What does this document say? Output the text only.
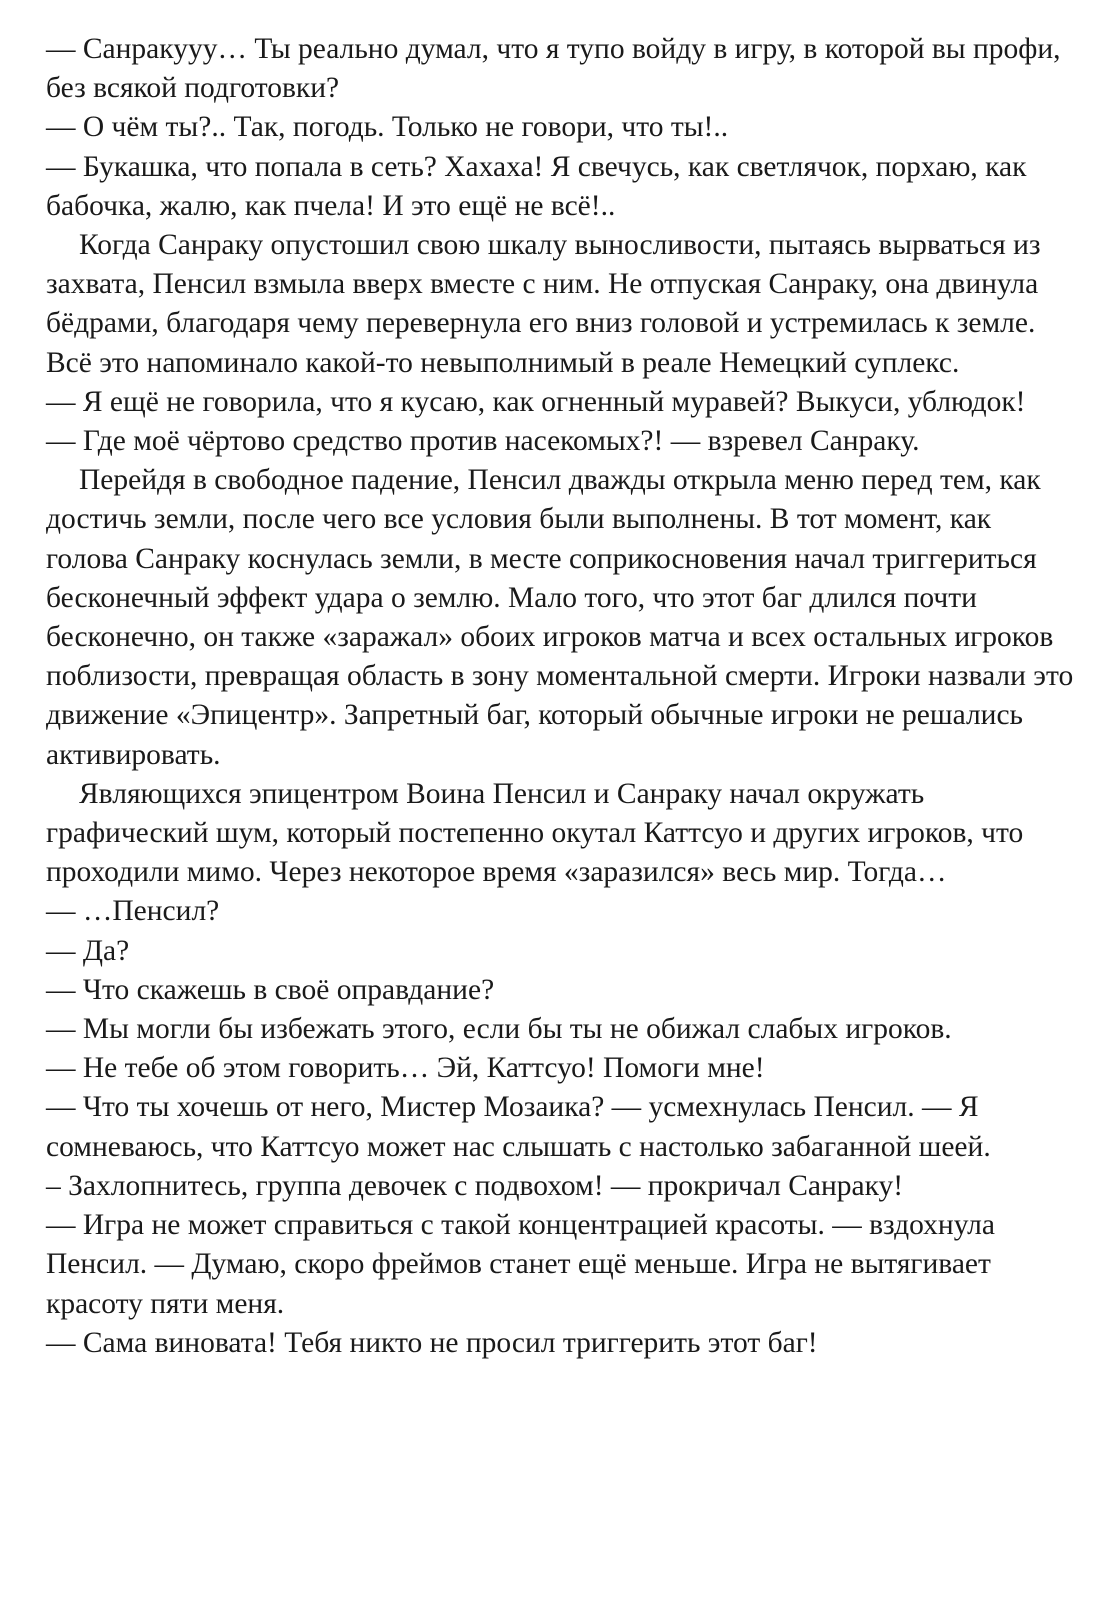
— Санракууу… Ты реально думал, что я тупо войду в игру, в которой вы профи, без всякой подготовки?

— О чём ты?.. Так, погодь. Только не говори, что ты!..

— Букашка, что попала в сеть? Хахаха! Я свечусь, как светлячок, порхаю, как бабочка, жалю, как пчела! И это ещё не всё!..

Когда Санраку опустошил свою шкалу выносливости, пытаясь вырваться из захвата, Пенсил взмыла вверх вместе с ним. Не отпуская Санраку, она двинула бёдрами, благодаря чему перевернула его вниз головой и устремилась к земле. Всё это напоминало какой-то невыполнимый в реале Немецкий суплекс.

— Я ещё не говорила, что я кусаю, как огненный муравей? Выкуси, ублюдок!

— Где моё чёртово средство против насекомых?! — взревел Санраку.

Перейдя в свободное падение, Пенсил дважды открыла меню перед тем, как достичь земли, после чего все условия были выполнены. В тот момент, как голова Санраку коснулась земли, в месте соприкосновения начал триггериться бесконечный эффект удара о землю. Мало того, что этот баг длился почти бесконечно, он также «заражал» обоих игроков матча и всех остальных игроков поблизости, превращая область в зону моментальной смерти. Игроки назвали это движение «Эпицентр». Запретный баг, который обычные игроки не решались активировать.

Являющихся эпицентром Воина Пенсил и Санраку начал окружать графический шум, который постепенно окутал Каттсуо и других игроков, что проходили мимо. Через некоторое время «заразился» весь мир. Тогда…

— …Пенсил?

— Да?

— Что скажешь в своё оправдание?

— Мы могли бы избежать этого, если бы ты не обижал слабых игроков.

— Не тебе об этом говорить… Эй, Каттсуо! Помоги мне!

— Что ты хочешь от него, Мистер Мозаика? — усмехнулась Пенсил. — Я сомневаюсь, что Каттсуо может нас слышать с настолько забаганной шеей.

– Захлопнитесь, группа девочек с подвохом! — прокричал Санраку!

— Игра не может справиться с такой концентрацией красоты. — вздохнула Пенсил. — Думаю, скоро фреймов станет ещё меньше. Игра не вытягивает красоту пяти меня.

— Сама виновата! Тебя никто не просил триггерить этот баг!
